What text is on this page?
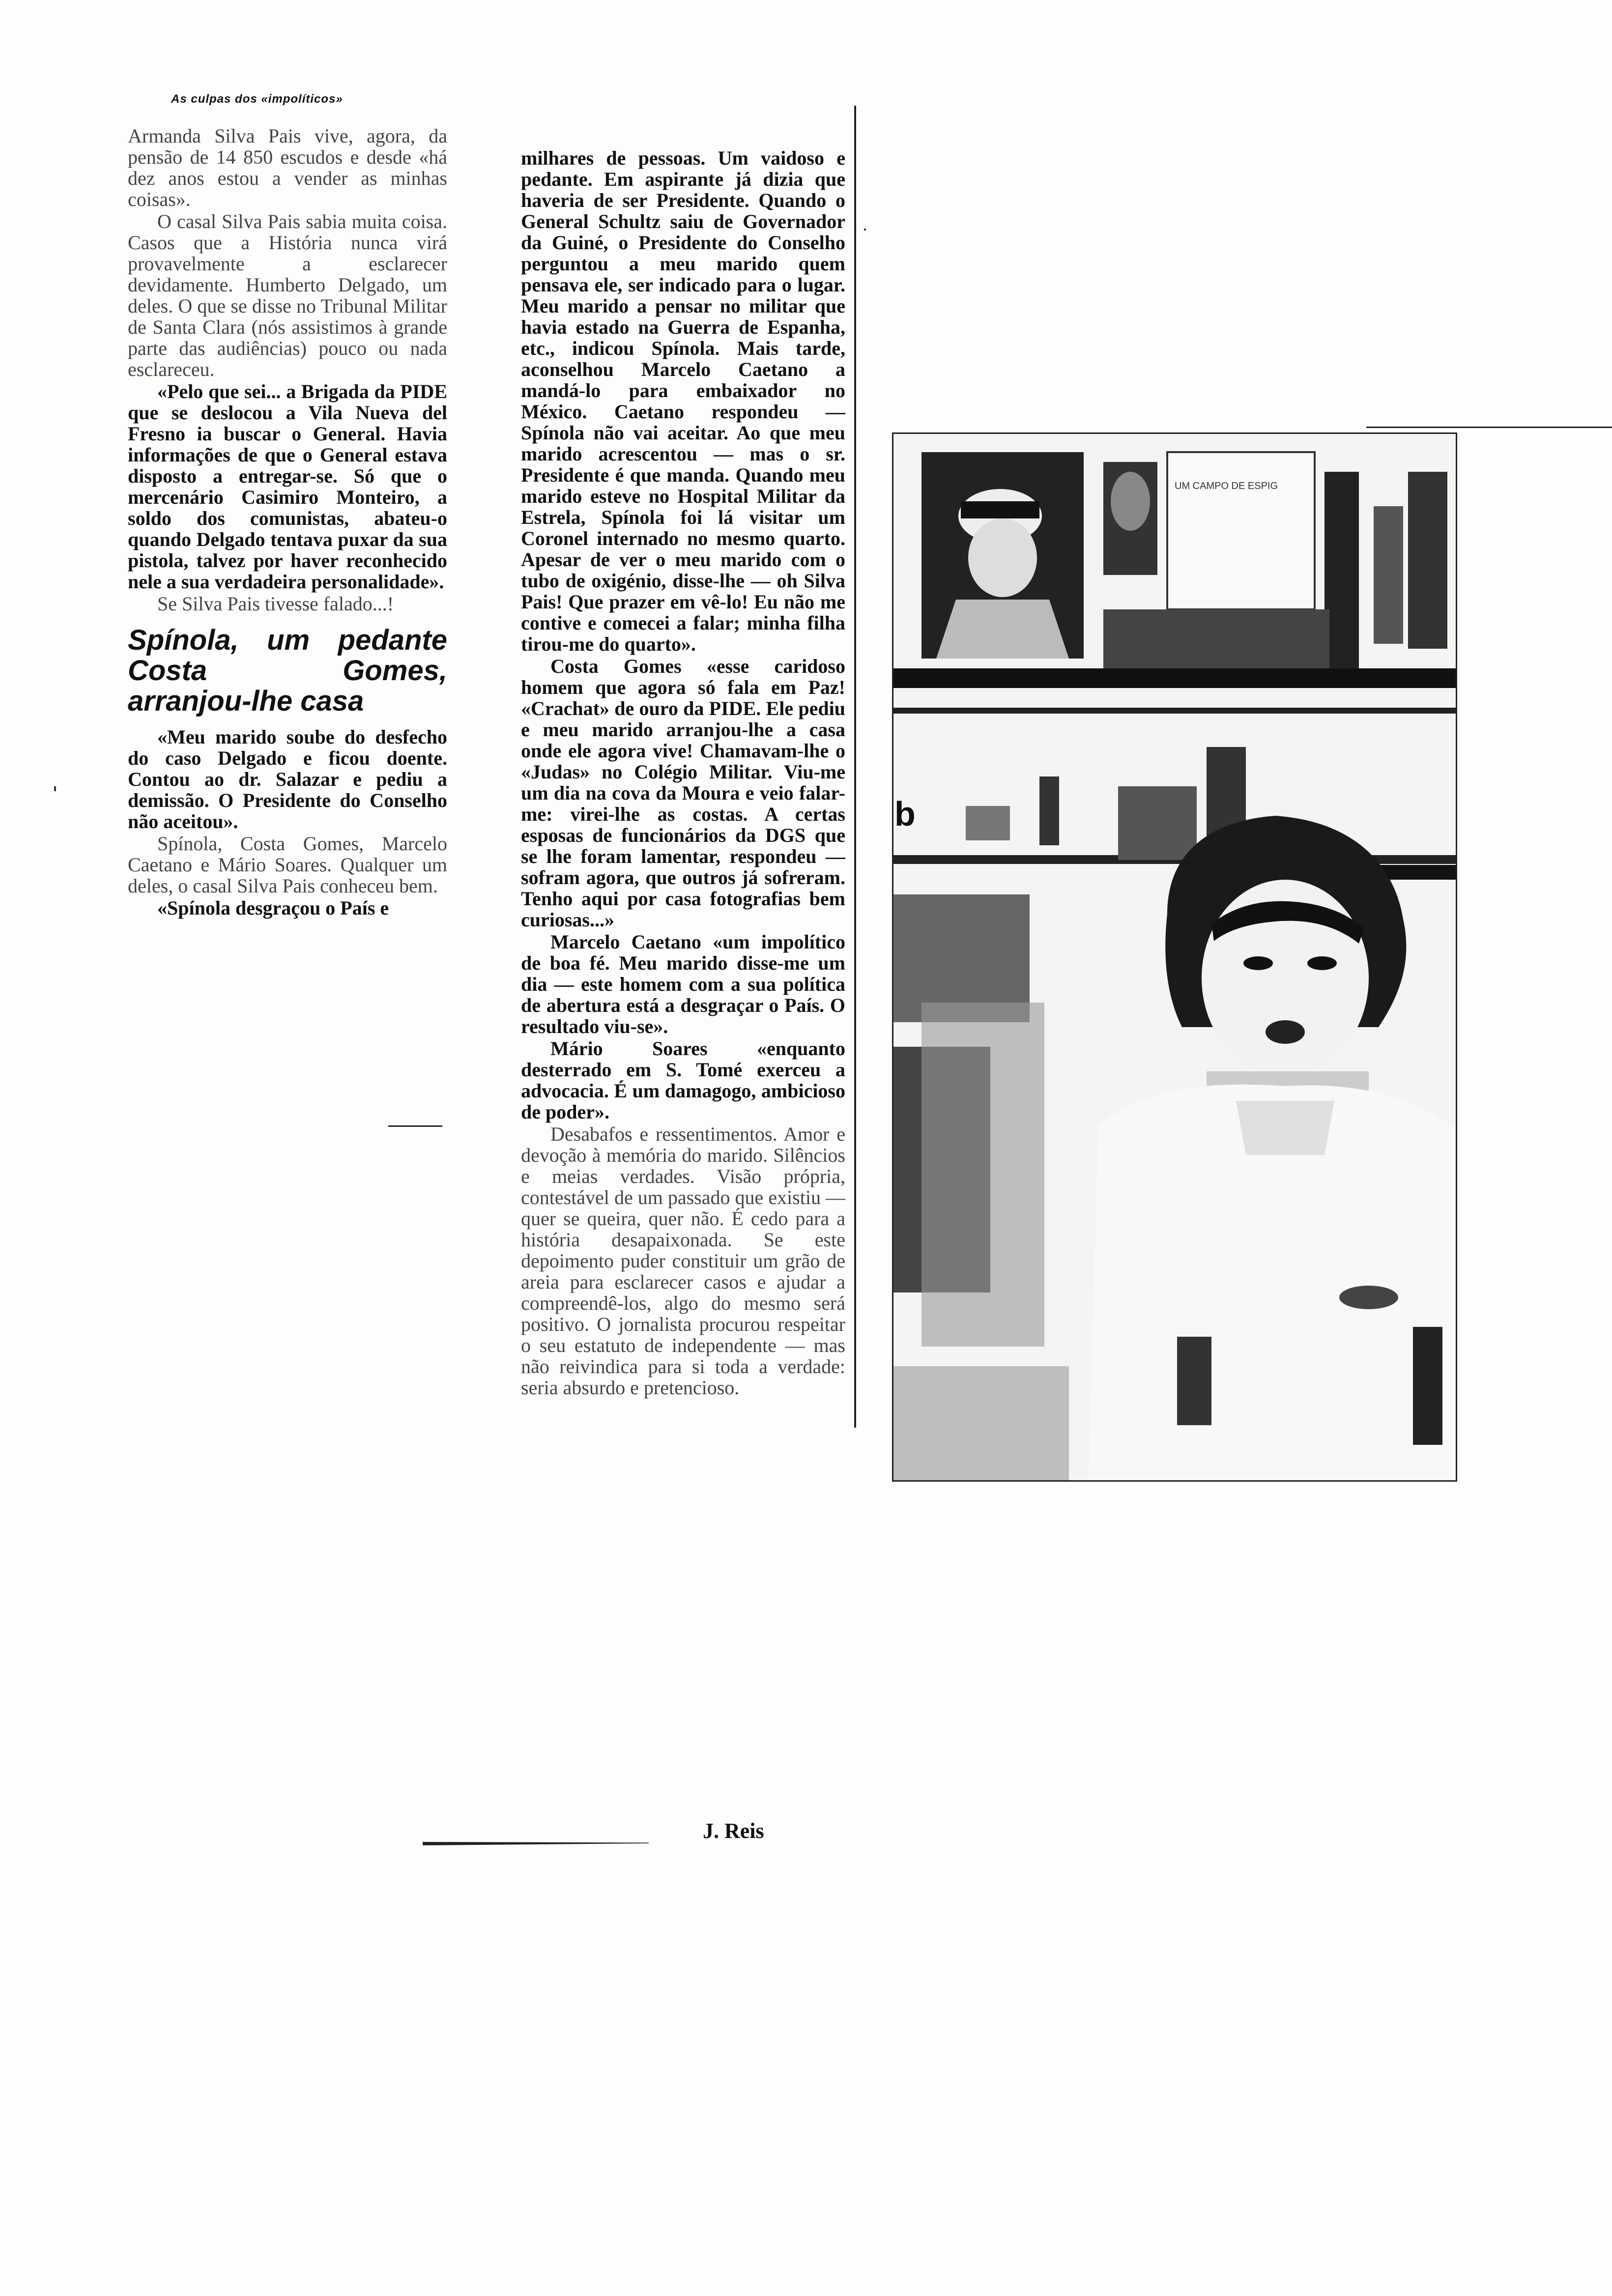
As culpas dos «impolíticos»

Armanda Silva Pais vive, agora, da pensão de 14 850 escudos e desde «há dez anos estou a vender as minhas coisas».

O casal Silva Pais sabia muita coisa. Casos que a História nunca virá provavelmente a esclarecer devidamente. Humberto Delgado, um deles. O que se disse no Tribunal Militar de Santa Clara (nós assistimos à grande parte das audiências) pouco ou nada esclareceu.

«Pelo que sei... a Brigada da PIDE que se deslocou a Vila Nueva del Fresno ia buscar o General. Havia informações de que o General estava disposto a entregar-se. Só que o mercenário Casimiro Monteiro, a soldo dos comunistas, abateu-o quando Delgado tentava puxar da sua pistola, talvez por haver reconhecido nele a sua verdadeira personalidade».

Se Silva Pais tivesse falado...!

Spínola, um pedante Costa Gomes, arranjou-lhe casa

«Meu marido soube do desfecho do caso Delgado e ficou doente. Contou ao dr. Salazar e pediu a demissão. O Presidente do Conselho não aceitou».

Spínola, Costa Gomes, Marcelo Caetano e Mário Soares. Qualquer um deles, o casal Silva Pais conheceu bem.

«Spínola desgraçou o País e

milhares de pessoas. Um vaidoso e pedante. Em aspirante já dizia que haveria de ser Presidente. Quando o General Schultz saiu de Governador da Guiné, o Presidente do Conselho perguntou a meu marido quem pensava ele, ser indicado para o lugar. Meu marido a pensar no militar que havia estado na Guerra de Espanha, etc., indicou Spínola. Mais tarde, aconselhou Marcelo Caetano a mandá-lo para embaixador no México. Caetano respondeu — Spínola não vai aceitar. Ao que meu marido acrescentou — mas o sr. Presidente é que manda. Quando meu marido esteve no Hospital Militar da Estrela, Spínola foi lá visitar um Coronel internado no mesmo quarto. Apesar de ver o meu marido com o tubo de oxigénio, disse-lhe — oh Silva Pais! Que prazer em vê-lo! Eu não me contive e comecei a falar; minha filha tirou-me do quarto».

Costa Gomes «esse caridoso homem que agora só fala em Paz! «Crachat» de ouro da PIDE. Ele pediu e meu marido arranjou-lhe a casa onde ele agora vive! Chamavam-lhe o «Judas» no Colégio Militar. Viu-me um dia na cova da Moura e veio falar-me: virei-lhe as costas. A certas esposas de funcionários da DGS que se lhe foram lamentar, respondeu — sofram agora, que outros já sofreram. Tenho aqui por casa fotografias bem curiosas...»

Marcelo Caetano «um impolítico de boa fé. Meu marido disse-me um dia — este homem com a sua política de abertura está a desgraçar o País. O resultado viu-se».

Mário Soares «enquanto desterrado em S. Tomé exerceu a advocacia. É um damagogo, ambicioso de poder».

Desabafos e ressentimentos. Amor e devoção à memória do marido. Silêncios e meias verdades. Visão própria, contestável de um passado que existiu — quer se queira, quer não. É cedo para a história desapaixonada. Se este depoimento puder constituir um grão de areia para esclarecer casos e ajudar a compreendê-los, algo do mesmo será positivo. O jornalista procurou respeitar o seu estatuto de independente — mas não reivindica para si toda a verdade: seria absurdo e pretencioso.

J. Reis
UM CAMPO DE ESPIG
b
